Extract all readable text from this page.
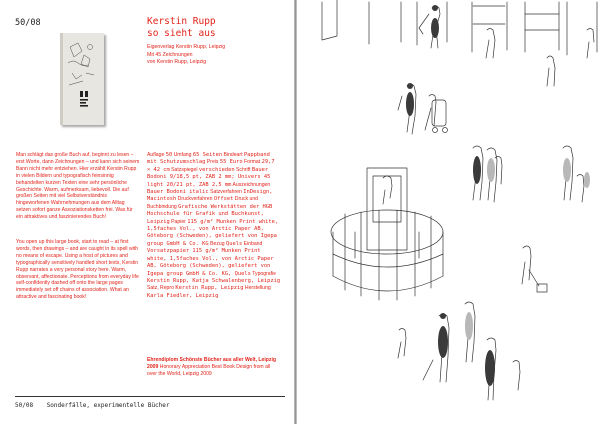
50/08	Kerstin Rupp
so sieht aus
Eigenverlag Kerstin Rupp, Leipzig
Mit 45 Zeichnungen
von Kerstin Rupp, Leipzig
Man schlägt das große Buch auf, beginnt zu lesen – erst Worte, dann Zeichnungen – und kann sich seinem Bann nicht mehr entziehen. Hier erzählt Kerstin Rupp in vielen Bildern und typografisch feinsinnig behandelten kurzen Texten eine sehr persönliche Geschichte. Warm, aufmerksam, liebevoll. Die auf großen Seiten mit viel Selbstverständnis hingeworfenen Wahrnehmungen aus dem Alltag setzen sofort ganze Assoziationsketten frei. Was für ein attraktives und faszinierendes Buch!
You open up this large book, start to read – at first words, then drawings – and are caught in its spell with no means of escape. Using a host of pictures and typographically sensitively handled short texts, Kerstin Rupp narrates a very personal story here. Warm, observant, affectionate. Perceptions from everyday life self-confidently dashed off onto the large pages immediately set off chains of association. What an attractive and fascinating book!
Auflage 50 Umfang 65 Seiten Bindeart Pappband mit Schutzumschlag Preis 55 Euro Format 29,7 × 42 cm Satzspiegel verschieden Schrift Bauer Bodoni 9/18,5 pt, ZAB 2 mm; Univers 45 light 20/21 pt, ZAB 2,5 mm Auszeichnungen Bauer Bodoni italic Satzverfahren InDesign, Macintosh Druckverfahren Offset Druck und Buchbindung Grafische Werkstätten der HGB Hochschule für Grafik und Buchkunst, Leipzig Papier 115 g/m² Munken Print white, 1,5faches Vol., von Arctic Paper AB, Göteborg (Schweden), geliefert von Igepa group GmbH & Co. KG Bezug Quels Einband Vorsatzpapier 115 g/m² Munken Print white, 1,5faches Vol., von Arctic Paper AB, Göteborg (Schweden), geliefert von Igepa group GmbH & Co. KG, Quels Typografie Kerstin Rupp, Katja Schwalenberg, Leipzig Satz, Repro Kerstin Rupp, Leipzig Herstellung Karla Fiedler, Leipzig
Ehrendiplom Schönste Bücher aus aller Welt, Leipzig 2009 Honorary Appreciation Best Book Design from all over the World, Leipzig 2009
50/08 Sonderfälle, experimentelle Bücher
